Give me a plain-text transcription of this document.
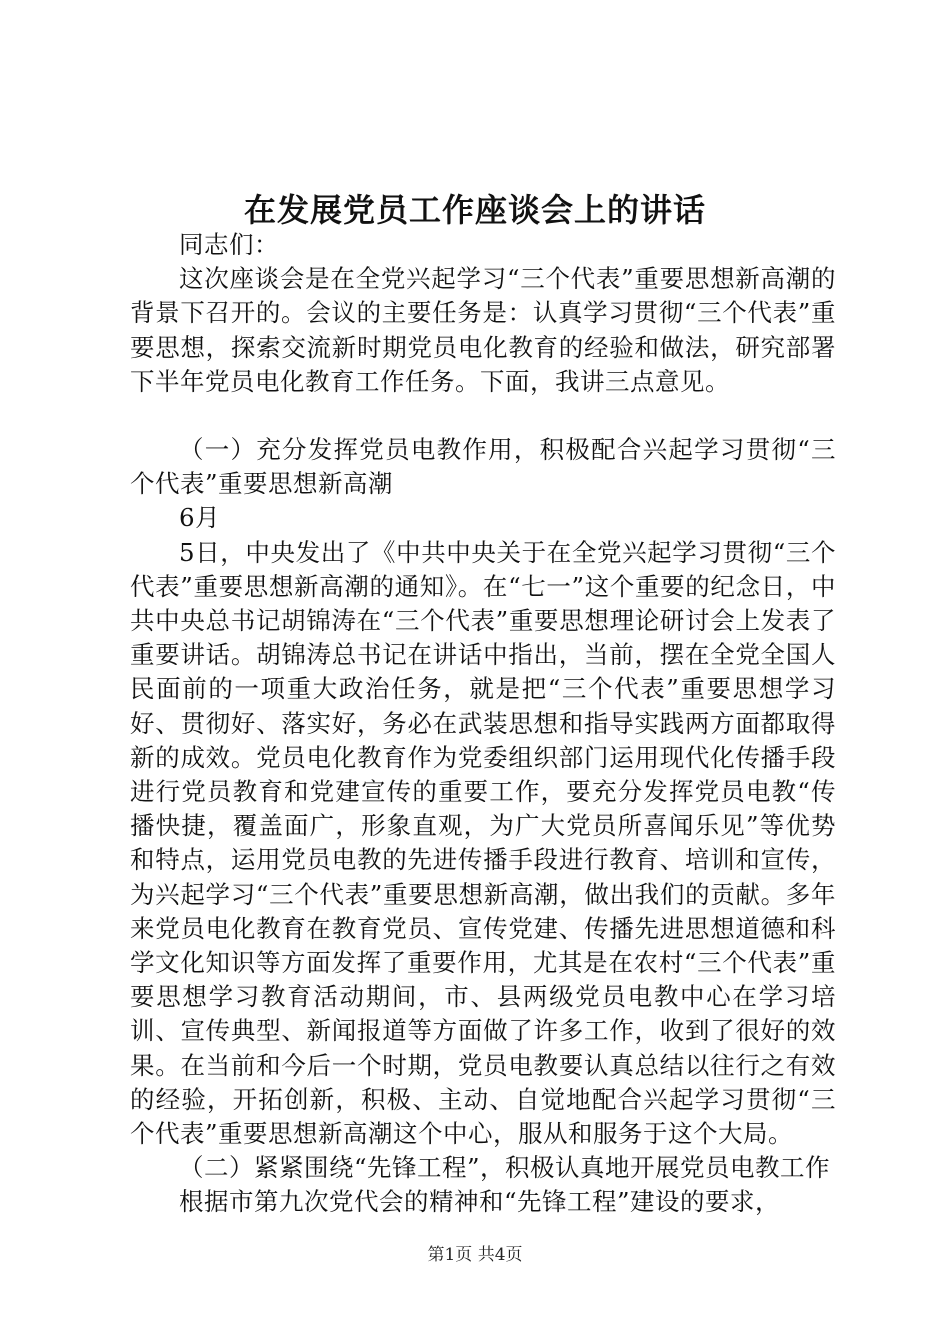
在发展党员工作座谈会上的讲话

同志们：

这次座谈会是在全党兴起学习“三个代表”重要思想新高潮的背景下召开的。会议的主要任务是：认真学习贯彻“三个代表”重要思想，探索交流新时期党员电化教育的经验和做法，研究部署下半年党员电化教育工作任务。下面，我讲三点意见。

（一）充分发挥党员电教作用，积极配合兴起学习贯彻“三个代表”重要思想新高潮

6月

5日，中央发出了《中共中央关于在全党兴起学习贯彻“三个代表”重要思想新高潮的通知》。在“七一”这个重要的纪念日，中共中央总书记胡锦涛在“三个代表”重要思想理论研讨会上发表了重要讲话。胡锦涛总书记在讲话中指出，当前，摆在全党全国人民面前的一项重大政治任务，就是把“三个代表”重要思想学习好、贯彻好、落实好，务必在武装思想和指导实践两方面都取得新的成效。党员电化教育作为党委组织部门运用现代化传播手段进行党员教育和党建宣传的重要工作，要充分发挥党员电教“传播快捷，覆盖面广，形象直观，为广大党员所喜闻乐见”等优势和特点，运用党员电教的先进传播手段进行教育、培训和宣传，为兴起学习“三个代表”重要思想新高潮，做出我们的贡献。多年来党员电化教育在教育党员、宣传党建、传播先进思想道德和科学文化知识等方面发挥了重要作用，尤其是在农村“三个代表”重要思想学习教育活动期间，市、县两级党员电教中心在学习培训、宣传典型、新闻报道等方面做了许多工作，收到了很好的效果。在当前和今后一个时期，党员电教要认真总结以往行之有效的经验，开拓创新，积极、主动、自觉地配合兴起学习贯彻“三个代表”重要思想新高潮这个中心，服从和服务于这个大局。

（二）紧紧围绕“先锋工程”，积极认真地开展党员电教工作

根据市第九次党代会的精神和“先锋工程”建设的要求，

第1页 共4页
